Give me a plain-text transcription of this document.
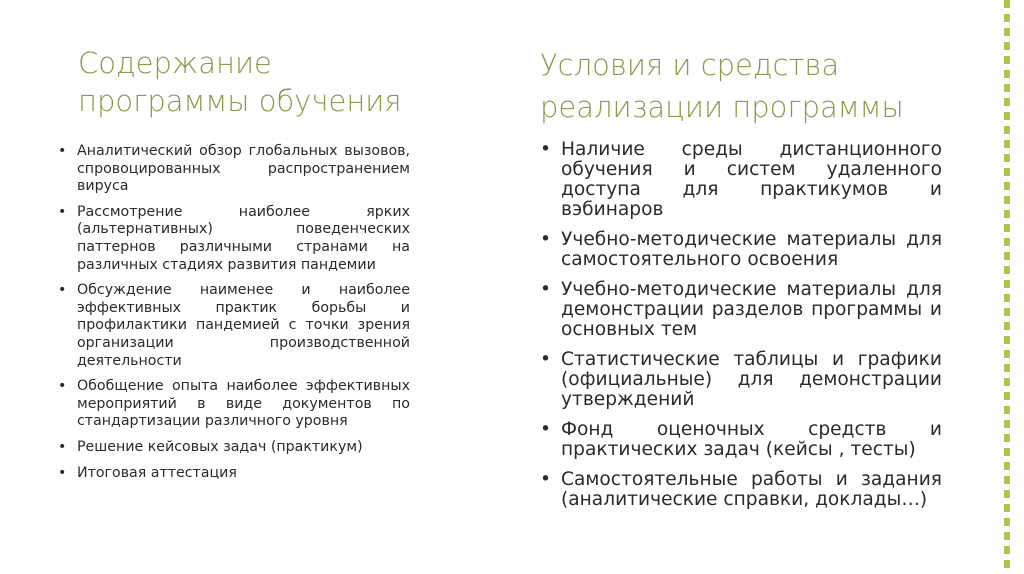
Содержание
программы обучения
• Аналитический обзор глобальных вызовов, спровоцированных распространением вируса
• Рассмотрение наиболее ярких (альтернативных) поведенческих паттернов различными странами на различных стадиях развития пандемии
• Обсуждение наименее и наиболее эффективных практик борьбы и профилактики пандемией с точки зрения организации производственной деятельности
• Обобщение опыта наиболее эффективных мероприятий в виде документов по стандартизации различного уровня
• Решение кейсовых задач (практикум)
• Итоговая аттестация
Условия и средства
реализации программы
• Наличие среды дистанционного обучения и систем удаленного доступа для практикумов и вэбинаров
• Учебно-методические материалы для самостоятельного освоения
• Учебно-методические материалы для демонстрации разделов программы и основных тем
• Статистические таблицы и графики (официальные) для демонстрации утверждений
• Фонд оценочных средств и практических задач (кейсы , тесты)
• Самостоятельные работы и задания (аналитические справки, доклады…)
